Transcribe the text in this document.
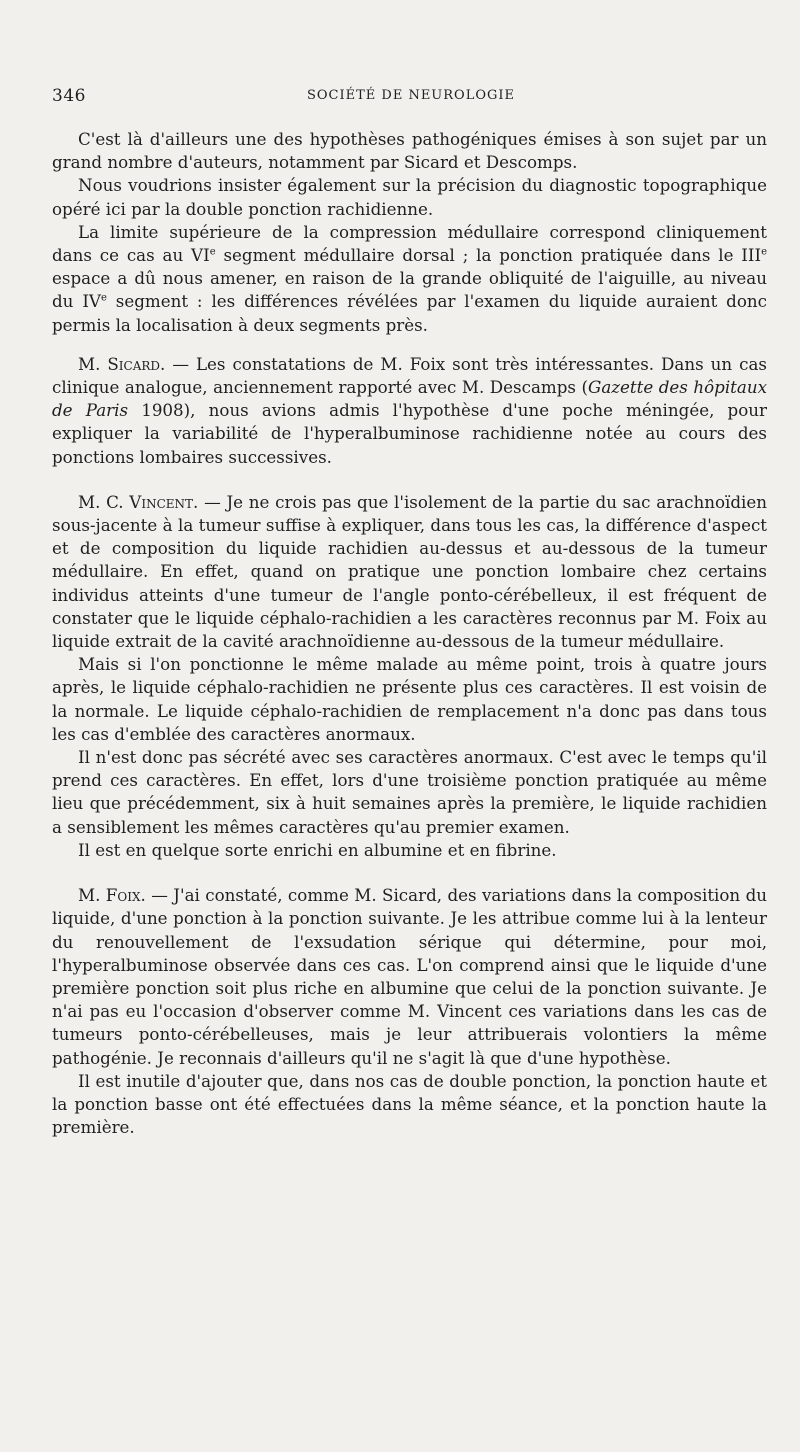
346	SOCIÉTÉ DE NEUROLOGIE

C'est là d'ailleurs une des hypothèses pathogéniques émises à son sujet par un grand nombre d'auteurs, notamment par Sicard et Descomps.

Nous voudrions insister également sur la précision du diagnostic topographique opéré ici par la double ponction rachidienne.

La limite supérieure de la compression médullaire correspond cliniquement dans ce cas au VIe segment médullaire dorsal ; la ponction pratiquée dans le IIIe espace a dû nous amener, en raison de la grande obliquité de l'aiguille, au niveau du IVe segment : les différences révélées par l'examen du liquide auraient donc permis la localisation à deux segments près.

M. Sicard. — Les constatations de M. Foix sont très intéressantes. Dans un cas clinique analogue, anciennement rapporté avec M. Descamps (Gazette des hôpitaux de Paris 1908), nous avions admis l'hypothèse d'une poche méningée, pour expliquer la variabilité de l'hyperalbuminose rachidienne notée au cours des ponctions lombaires successives.

M. C. Vincent. — Je ne crois pas que l'isolement de la partie du sac arachnoïdien sous-jacente à la tumeur suffise à expliquer, dans tous les cas, la différence d'aspect et de composition du liquide rachidien au-dessus et au-dessous de la tumeur médullaire. En effet, quand on pratique une ponction lombaire chez certains individus atteints d'une tumeur de l'angle ponto-cérébelleux, il est fréquent de constater que le liquide céphalo-rachidien a les caractères reconnus par M. Foix au liquide extrait de la cavité arachnoïdienne au-dessous de la tumeur médullaire.

Mais si l'on ponctionne le même malade au même point, trois à quatre jours après, le liquide céphalo-rachidien ne présente plus ces caractères. Il est voisin de la normale. Le liquide céphalo-rachidien de remplacement n'a donc pas dans tous les cas d'emblée des caractères anormaux.

Il n'est donc pas sécrété avec ses caractères anormaux. C'est avec le temps qu'il prend ces caractères. En effet, lors d'une troisième ponction pratiquée au même lieu que précédemment, six à huit semaines après la première, le liquide rachidien a sensiblement les mêmes caractères qu'au premier examen.

Il est en quelque sorte enrichi en albumine et en fibrine.

M. Foix. — J'ai constaté, comme M. Sicard, des variations dans la composition du liquide, d'une ponction à la ponction suivante. Je les attribue comme lui à la lenteur du renouvellement de l'exsudation sérique qui détermine, pour moi, l'hyperalbuminose observée dans ces cas. L'on comprend ainsi que le liquide d'une première ponction soit plus riche en albumine que celui de la ponction suivante. Je n'ai pas eu l'occasion d'observer comme M. Vincent ces variations dans les cas de tumeurs ponto-cérébelleuses, mais je leur attribuerais volontiers la même pathogénie. Je reconnais d'ailleurs qu'il ne s'agit là que d'une hypothèse.

Il est inutile d'ajouter que, dans nos cas de double ponction, la ponction haute et la ponction basse ont été effectuées dans la même séance, et la ponction haute la première.
